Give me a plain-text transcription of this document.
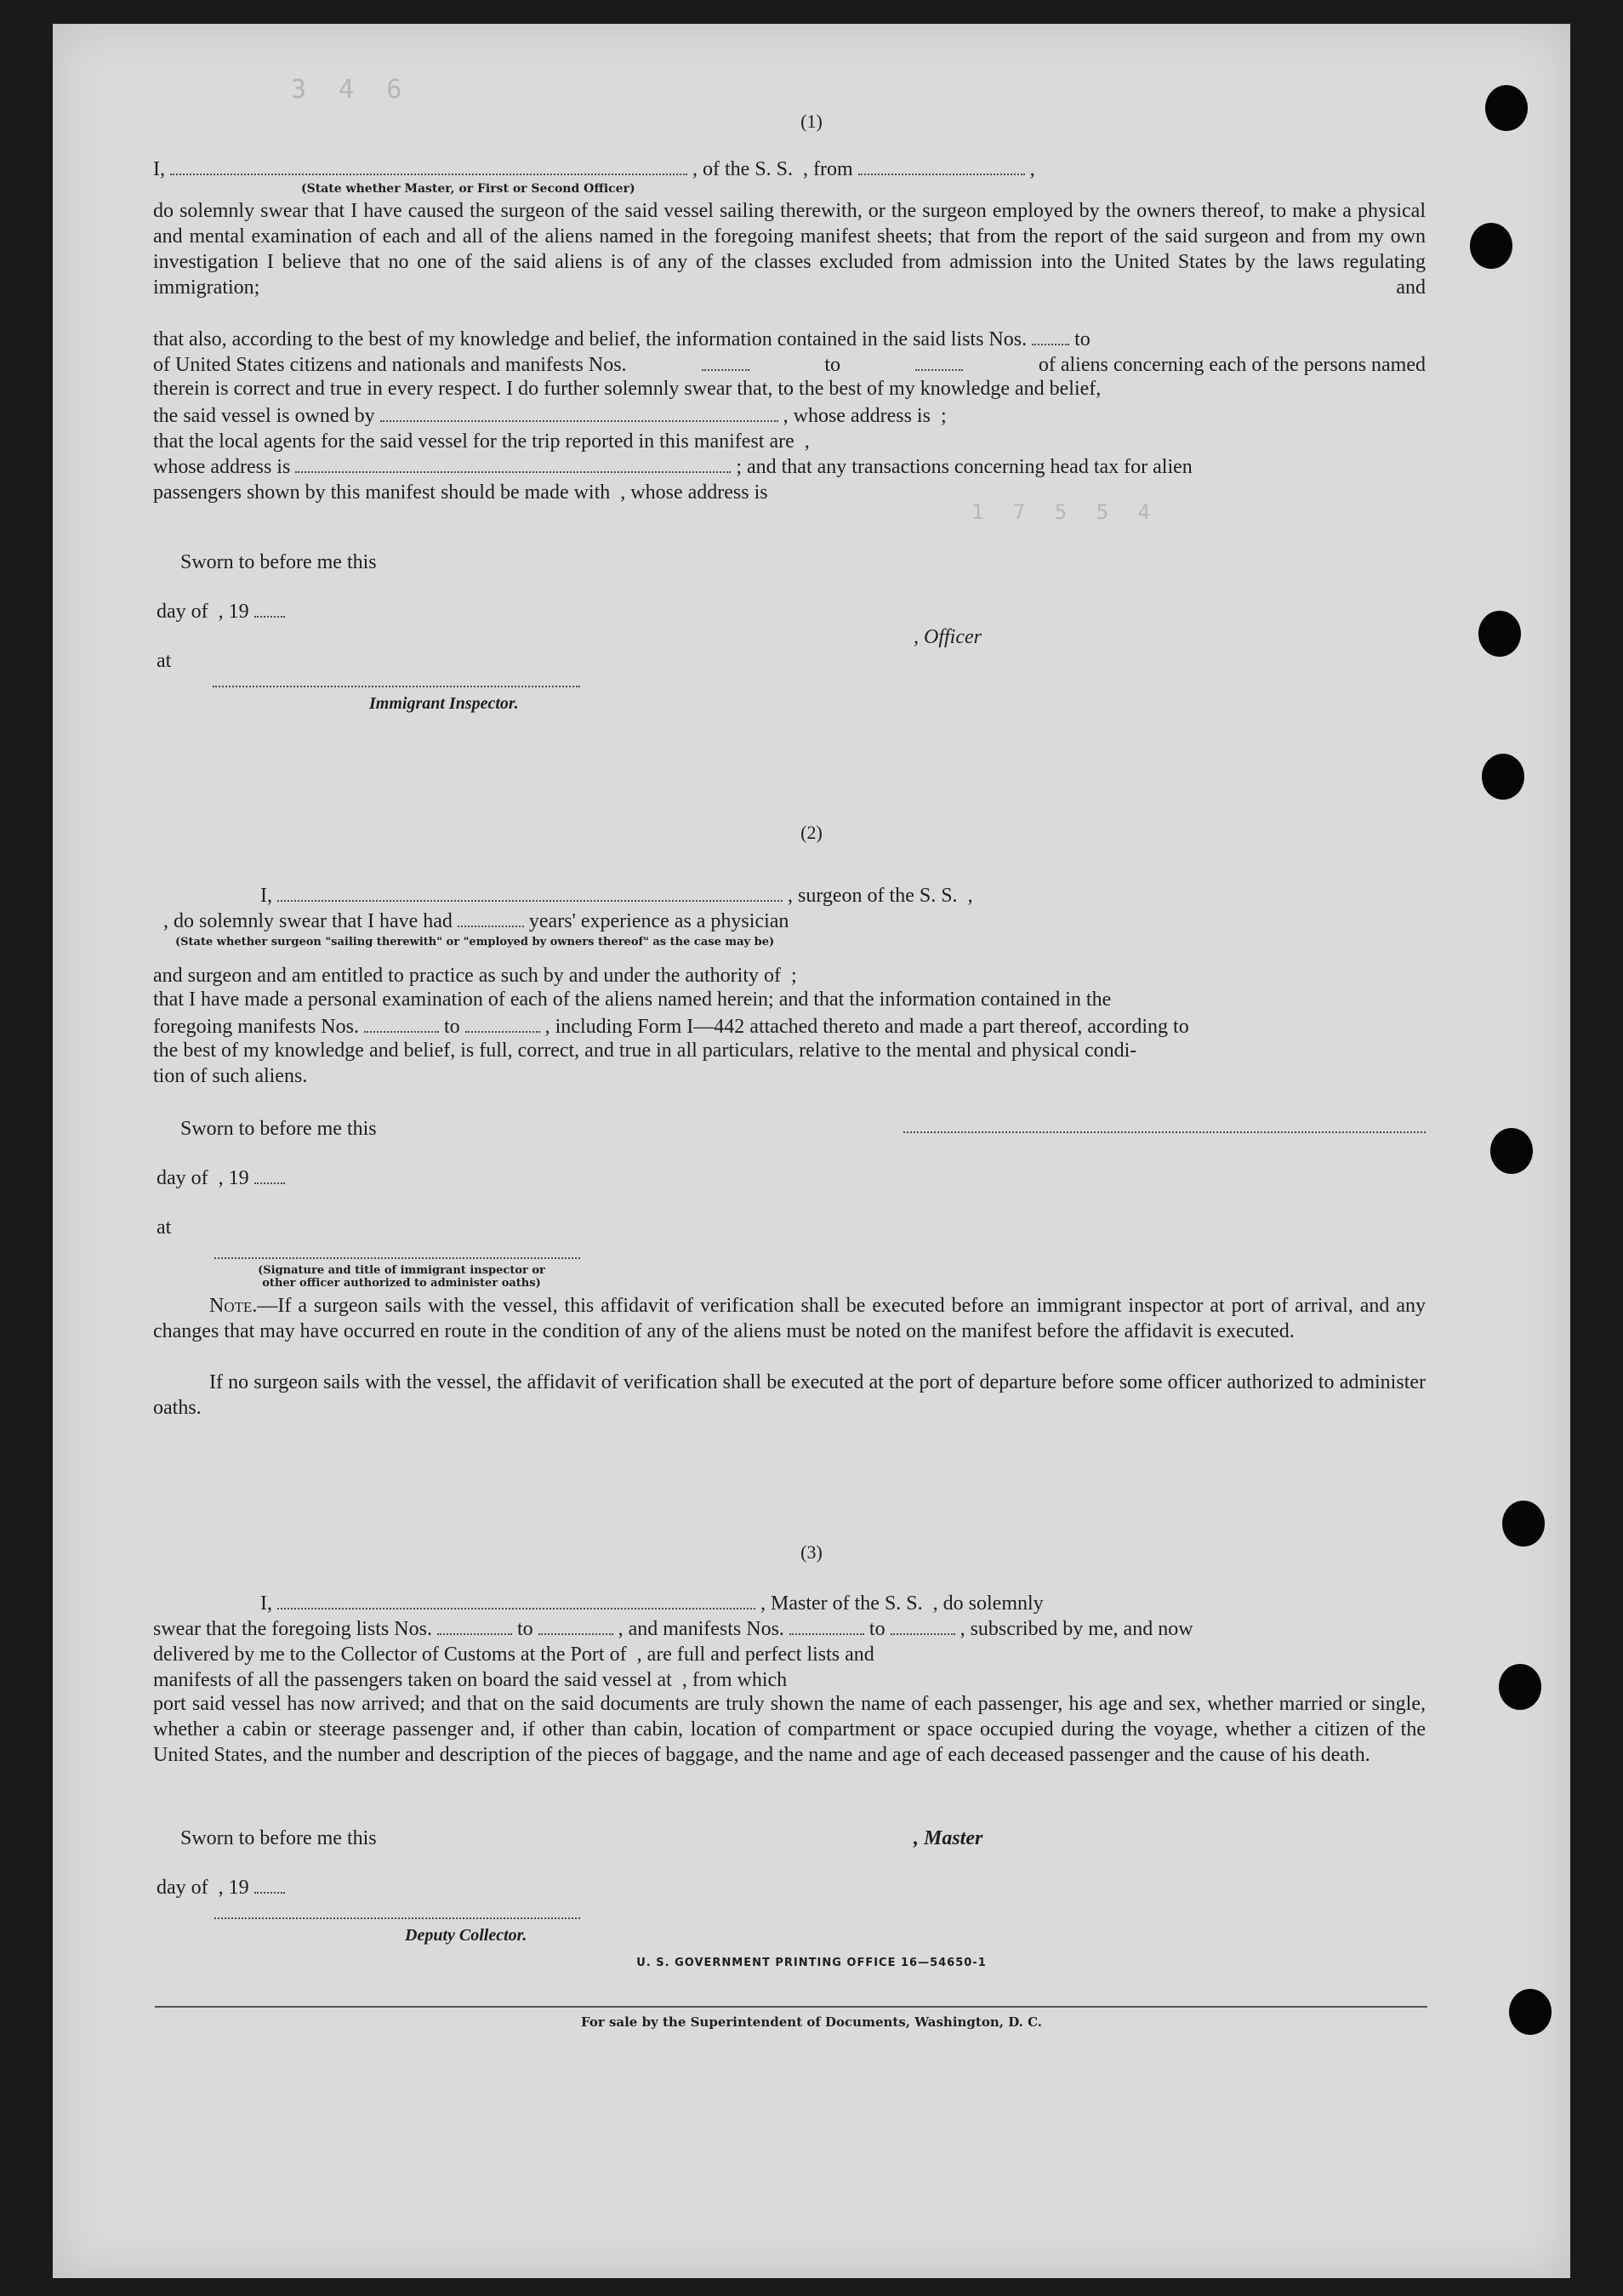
3 4 6
1 7 5 5 4
(1)
I,	, of the S. S. , from	,
(State whether Master, or First or Second Officer)
do solemnly swear that I have caused the surgeon of the said vessel sailing therewith, or the surgeon employed by the owners thereof, to make a physical and mental examination of each and all of the aliens named in the foregoing manifest sheets; that from the report of the said surgeon and from my own investigation I believe that no one of the said aliens is of any of the classes excluded from admission into the United States by the laws regulating immigration; and
that also, according to the best of my knowledge and belief, the information contained in the said lists Nos. to
of United States citizens and nationals and manifests Nos.	to	of aliens concerning each of the persons named
therein is correct and true in every respect. I do further solemnly swear that, to the best of my knowledge and belief,
the said vessel is owned by	, whose address is ;
that the local agents for the said vessel for the trip reported in this manifest are ,
whose address is	; and that any transactions concerning head tax for alien
passengers shown by this manifest should be made with , whose address is
Sworn to before me this
day of , 19
, Officer
at
Immigrant Inspector.
(2)
I,	, surgeon of the S. S. ,
, do solemnly swear that I have had	years' experience as a physician
(State whether surgeon "sailing therewith" or "employed by owners thereof" as the case may be)
and surgeon and am entitled to practice as such by and under the authority of ;
that I have made a personal examination of each of the aliens named herein; and that the information contained in the
foregoing manifests Nos.	to	, including Form I—442 attached thereto and made a part thereof, according to
the best of my knowledge and belief, is full, correct, and true in all particulars, relative to the mental and physical condi-
tion of such aliens.
Sworn to before me this
day of , 19
at
(Signature and title of immigrant inspector or
other officer authorized to administer oaths)
Note.—If a surgeon sails with the vessel, this affidavit of verification shall be executed before an immigrant inspector at port of arrival, and any changes that may have occurred en route in the condition of any of the aliens must be noted on the manifest before the affidavit is executed.
If no surgeon sails with the vessel, the affidavit of verification shall be executed at the port of departure before some officer authorized to administer oaths.
(3)
I,	, Master of the S. S. , do solemnly
swear that the foregoing lists Nos.	to	, and manifests Nos.	to	, subscribed by me, and now
delivered by me to the Collector of Customs at the Port of , are full and perfect lists and
manifests of all the passengers taken on board the said vessel at , from which
port said vessel has now arrived; and that on the said documents are truly shown the name of each passenger, his age and sex, whether married or single, whether a cabin or steerage passenger and, if other than cabin, location of compartment or space occupied during the voyage, whether a citizen of the United States, and the number and description of the pieces of baggage, and the name and age of each deceased passenger and the cause of his death.
Sworn to before me this	, Master
day of , 19
Deputy Collector.
U. S. GOVERNMENT PRINTING OFFICE 16—54650-1
For sale by the Superintendent of Documents, Washington, D. C.
